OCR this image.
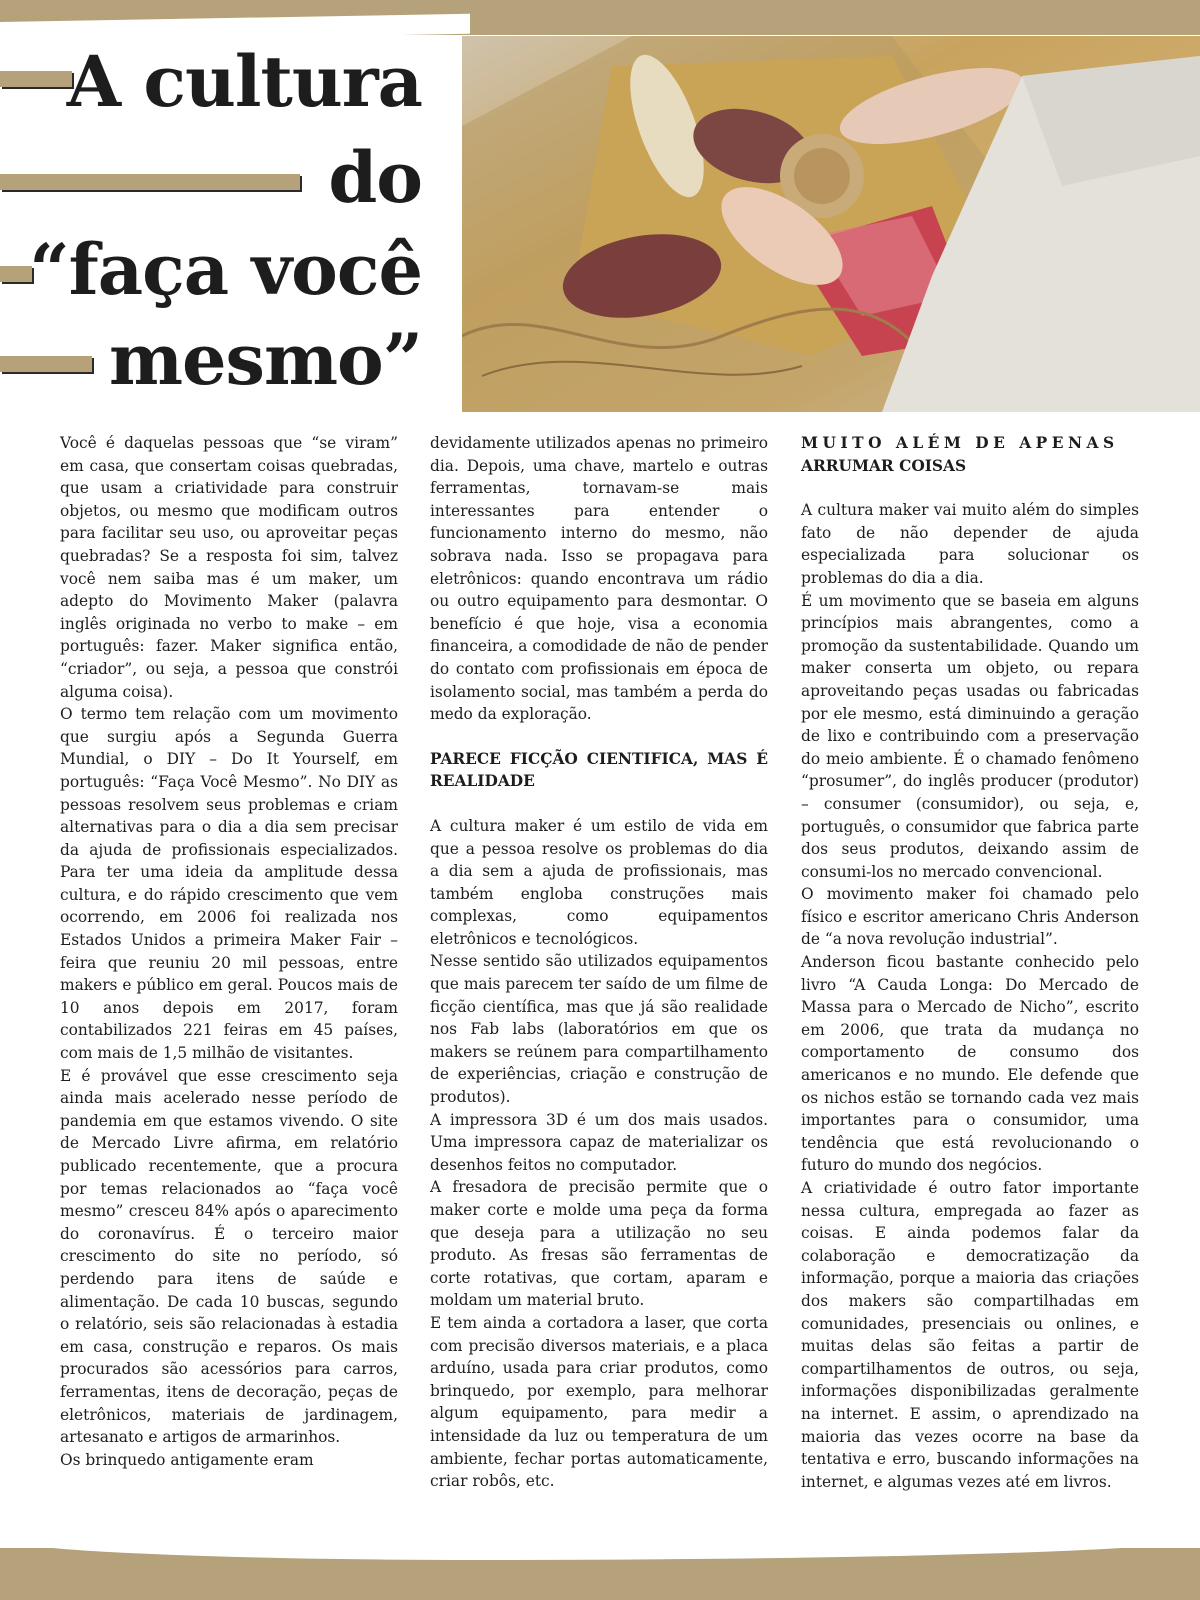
A cultura
do
“faça você
mesmo”

Você é daquelas pessoas que “se viram” em casa, que consertam coisas quebradas, que usam a criatividade para construir objetos, ou mesmo que modificam outros para facilitar seu uso, ou aproveitar peças quebradas? Se a resposta foi sim, talvez você nem saiba mas é um maker, um adepto do Movimento Maker (palavra inglês originada no verbo to make – em português: fazer. Maker significa então, “criador”, ou seja, a pessoa que constrói alguma coisa).

O termo tem relação com um movimento que surgiu após a Segunda Guerra Mundial, o DIY – Do It Yourself, em português: “Faça Você Mesmo”. No DIY as pessoas resolvem seus problemas e criam alternativas para o dia a dia sem precisar da ajuda de profissionais especializados. Para ter uma ideia da amplitude dessa cultura, e do rápido crescimento que vem ocorrendo, em 2006 foi realizada nos Estados Unidos a primeira Maker Fair – feira que reuniu 20 mil pessoas, entre makers e público em geral. Poucos mais de 10 anos depois em 2017, foram contabilizados 221 feiras em 45 países, com mais de 1,5 milhão de visitantes.

E é provável que esse crescimento seja ainda mais acelerado nesse período de pandemia em que estamos vivendo. O site de Mercado Livre afirma, em relatório publicado recentemente, que a procura por temas relacionados ao “faça você mesmo” cresceu 84% após o aparecimento do coronavírus. É o terceiro maior crescimento do site no período, só perdendo para itens de saúde e alimentação. De cada 10 buscas, segundo o relatório, seis são relacionadas à estadia em casa, construção e reparos. Os mais procurados são acessórios para carros, ferramentas, itens de decoração, peças de eletrônicos, materiais de jardinagem, artesanato e artigos de armarinhos.

Os brinquedo antigamente eram

devidamente utilizados apenas no primeiro dia. Depois, uma chave, martelo e outras ferramentas, tornavam-se mais interessantes para entender o funcionamento interno do mesmo, não sobrava nada. Isso se propagava para eletrônicos: quando encontrava um rádio ou outro equipamento para desmontar. O benefício é que hoje, visa a economia financeira, a comodidade de não de pender do contato com profissionais em época de isolamento social, mas também a perda do medo da exploração.

PARECE FICÇÃO CIENTIFICA, MAS É REALIDADE

A cultura maker é um estilo de vida em que a pessoa resolve os problemas do dia a dia sem a ajuda de profissionais, mas também engloba construções mais complexas, como equipamentos eletrônicos e tecnológicos.

Nesse sentido são utilizados equipamentos que mais parecem ter saído de um filme de ficção científica, mas que já são realidade nos Fab labs (laboratórios em que os makers se reúnem para compartilhamento de experiências, criação e construção de produtos).

A impressora 3D é um dos mais usados. Uma impressora capaz de materializar os desenhos feitos no computador.

A fresadora de precisão permite que o maker corte e molde uma peça da forma que deseja para a utilização no seu produto. As fresas são ferramentas de corte rotativas, que cortam, aparam e moldam um material bruto.

E tem ainda a cortadora a laser, que corta com precisão diversos materiais, e a placa arduíno, usada para criar produtos, como brinquedo, por exemplo, para melhorar algum equipamento, para medir a intensidade da luz ou temperatura de um ambiente, fechar portas automaticamente, criar robôs, etc.

MUITO ALÉM DE APENAS
ARRUMAR COISAS

A cultura maker vai muito além do simples fato de não depender de ajuda especializada para solucionar os problemas do dia a dia.

É um movimento que se baseia em alguns princípios mais abrangentes, como a promoção da sustentabilidade. Quando um maker conserta um objeto, ou repara aproveitando peças usadas ou fabricadas por ele mesmo, está diminuindo a geração de lixo e contribuindo com a preservação do meio ambiente. É o chamado fenômeno “prosumer”, do inglês producer (produtor) – consumer (consumidor), ou seja, e, português, o consumidor que fabrica parte dos seus produtos, deixando assim de consumi-los no mercado convencional.

O movimento maker foi chamado pelo físico e escritor americano Chris Anderson de “a nova revolução industrial”.

Anderson ficou bastante conhecido pelo livro “A Cauda Longa: Do Mercado de Massa para o Mercado de Nicho”, escrito em 2006, que trata da mudança no comportamento de consumo dos americanos e no mundo. Ele defende que os nichos estão se tornando cada vez mais importantes para o consumidor, uma tendência que está revolucionando o futuro do mundo dos negócios.

A criatividade é outro fator importante nessa cultura, empregada ao fazer as coisas. E ainda podemos falar da colaboração e democratização da informação, porque a maioria das criações dos makers são compartilhadas em comunidades, presenciais ou onlines, e muitas delas são feitas a partir de compartilhamentos de outros, ou seja, informações disponibilizadas geralmente na internet. E assim, o aprendizado na maioria das vezes ocorre na base da tentativa e erro, buscando informações na internet, e algumas vezes até em livros.
